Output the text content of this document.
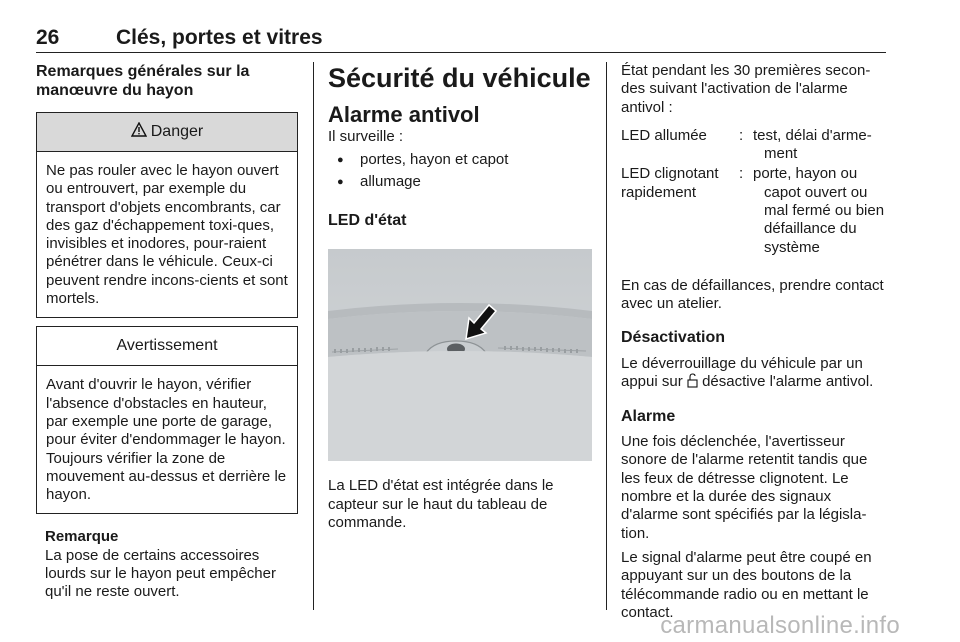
26	Clés, portes et vitres

Remarques générales sur la manœuvre du hayon

Danger
Ne pas rouler avec le hayon ouvert ou entrouvert, par exemple du transport d'objets encombrants, car des gaz d'échappement toxi-ques, invisibles et inodores, pour-raient pénétrer dans le véhicule. Ceux-ci peuvent rendre incons-cients et sont mortels.
Avertissement
Avant d'ouvrir le hayon, vérifier l'absence d'obstacles en hauteur, par exemple une porte de garage, pour éviter d'endommager le hayon. Toujours vérifier la zone de mouvement au-dessus et derrière le hayon.
Remarque
La pose de certains accessoires lourds sur le hayon peut empêcher qu'il ne reste ouvert.
Sécurité du véhicule
Alarme antivol

Il surveille :

● portes, hayon et capot
● allumage
LED d'état

La LED d'état est intégrée dans le capteur sur le haut du tableau de commande.

État pendant les 30 premières secon-des suivant l'activation de l'alarme antivol :

LED allumée	:	test, délai d'arme-ment
LED clignotant rapidement	:	porte, hayon ou capot ouvert ou mal fermé ou bien défaillance du système

En cas de défaillances, prendre contact avec un atelier.

Désactivation

Le déverrouillage du véhicule par un appui sur désactive l'alarme antivol.

Alarme

Une fois déclenchée, l'avertisseur sonore de l'alarme retentit tandis que les feux de détresse clignotent. Le nombre et la durée des signaux d'alarme sont spécifiés par la législa-tion.

Le signal d'alarme peut être coupé en appuyant sur un des boutons de la télécommande radio ou en mettant le contact.

carmanualsonline.info
